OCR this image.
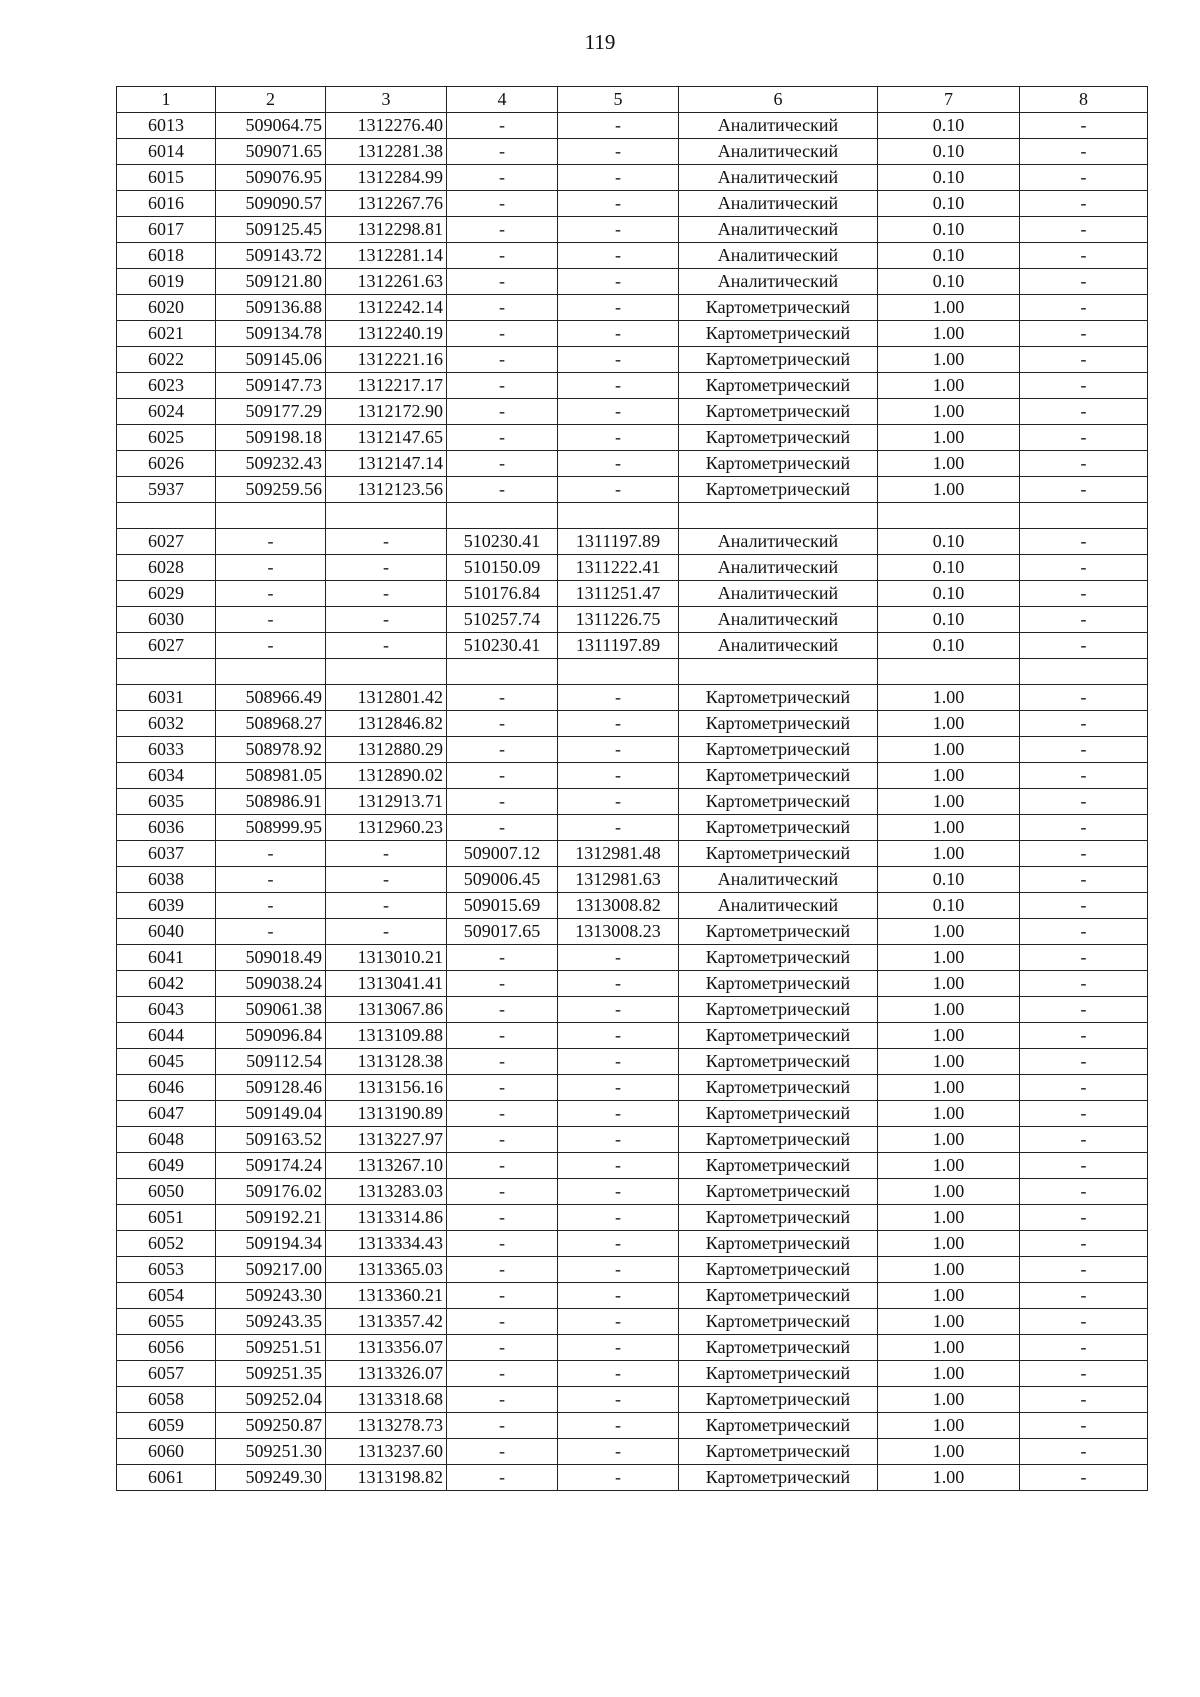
119
1	2	3	4	5	6	7	8
6013	509064.75	1312276.40	-	-	Аналитический	0.10	-
6014	509071.65	1312281.38	-	-	Аналитический	0.10	-
6015	509076.95	1312284.99	-	-	Аналитический	0.10	-
6016	509090.57	1312267.76	-	-	Аналитический	0.10	-
6017	509125.45	1312298.81	-	-	Аналитический	0.10	-
6018	509143.72	1312281.14	-	-	Аналитический	0.10	-
6019	509121.80	1312261.63	-	-	Аналитический	0.10	-
6020	509136.88	1312242.14	-	-	Картометрический	1.00	-
6021	509134.78	1312240.19	-	-	Картометрический	1.00	-
6022	509145.06	1312221.16	-	-	Картометрический	1.00	-
6023	509147.73	1312217.17	-	-	Картометрический	1.00	-
6024	509177.29	1312172.90	-	-	Картометрический	1.00	-
6025	509198.18	1312147.65	-	-	Картометрический	1.00	-
6026	509232.43	1312147.14	-	-	Картометрический	1.00	-
5937	509259.56	1312123.56	-	-	Картометрический	1.00	-

6027	-	-	510230.41	1311197.89	Аналитический	0.10	-
6028	-	-	510150.09	1311222.41	Аналитический	0.10	-
6029	-	-	510176.84	1311251.47	Аналитический	0.10	-
6030	-	-	510257.74	1311226.75	Аналитический	0.10	-
6027	-	-	510230.41	1311197.89	Аналитический	0.10	-

6031	508966.49	1312801.42	-	-	Картометрический	1.00	-
6032	508968.27	1312846.82	-	-	Картометрический	1.00	-
6033	508978.92	1312880.29	-	-	Картометрический	1.00	-
6034	508981.05	1312890.02	-	-	Картометрический	1.00	-
6035	508986.91	1312913.71	-	-	Картометрический	1.00	-
6036	508999.95	1312960.23	-	-	Картометрический	1.00	-
6037	-	-	509007.12	1312981.48	Картометрический	1.00	-
6038	-	-	509006.45	1312981.63	Аналитический	0.10	-
6039	-	-	509015.69	1313008.82	Аналитический	0.10	-
6040	-	-	509017.65	1313008.23	Картометрический	1.00	-
6041	509018.49	1313010.21	-	-	Картометрический	1.00	-
6042	509038.24	1313041.41	-	-	Картометрический	1.00	-
6043	509061.38	1313067.86	-	-	Картометрический	1.00	-
6044	509096.84	1313109.88	-	-	Картометрический	1.00	-
6045	509112.54	1313128.38	-	-	Картометрический	1.00	-
6046	509128.46	1313156.16	-	-	Картометрический	1.00	-
6047	509149.04	1313190.89	-	-	Картометрический	1.00	-
6048	509163.52	1313227.97	-	-	Картометрический	1.00	-
6049	509174.24	1313267.10	-	-	Картометрический	1.00	-
6050	509176.02	1313283.03	-	-	Картометрический	1.00	-
6051	509192.21	1313314.86	-	-	Картометрический	1.00	-
6052	509194.34	1313334.43	-	-	Картометрический	1.00	-
6053	509217.00	1313365.03	-	-	Картометрический	1.00	-
6054	509243.30	1313360.21	-	-	Картометрический	1.00	-
6055	509243.35	1313357.42	-	-	Картометрический	1.00	-
6056	509251.51	1313356.07	-	-	Картометрический	1.00	-
6057	509251.35	1313326.07	-	-	Картометрический	1.00	-
6058	509252.04	1313318.68	-	-	Картометрический	1.00	-
6059	509250.87	1313278.73	-	-	Картометрический	1.00	-
6060	509251.30	1313237.60	-	-	Картометрический	1.00	-
6061	509249.30	1313198.82	-	-	Картометрический	1.00	-
